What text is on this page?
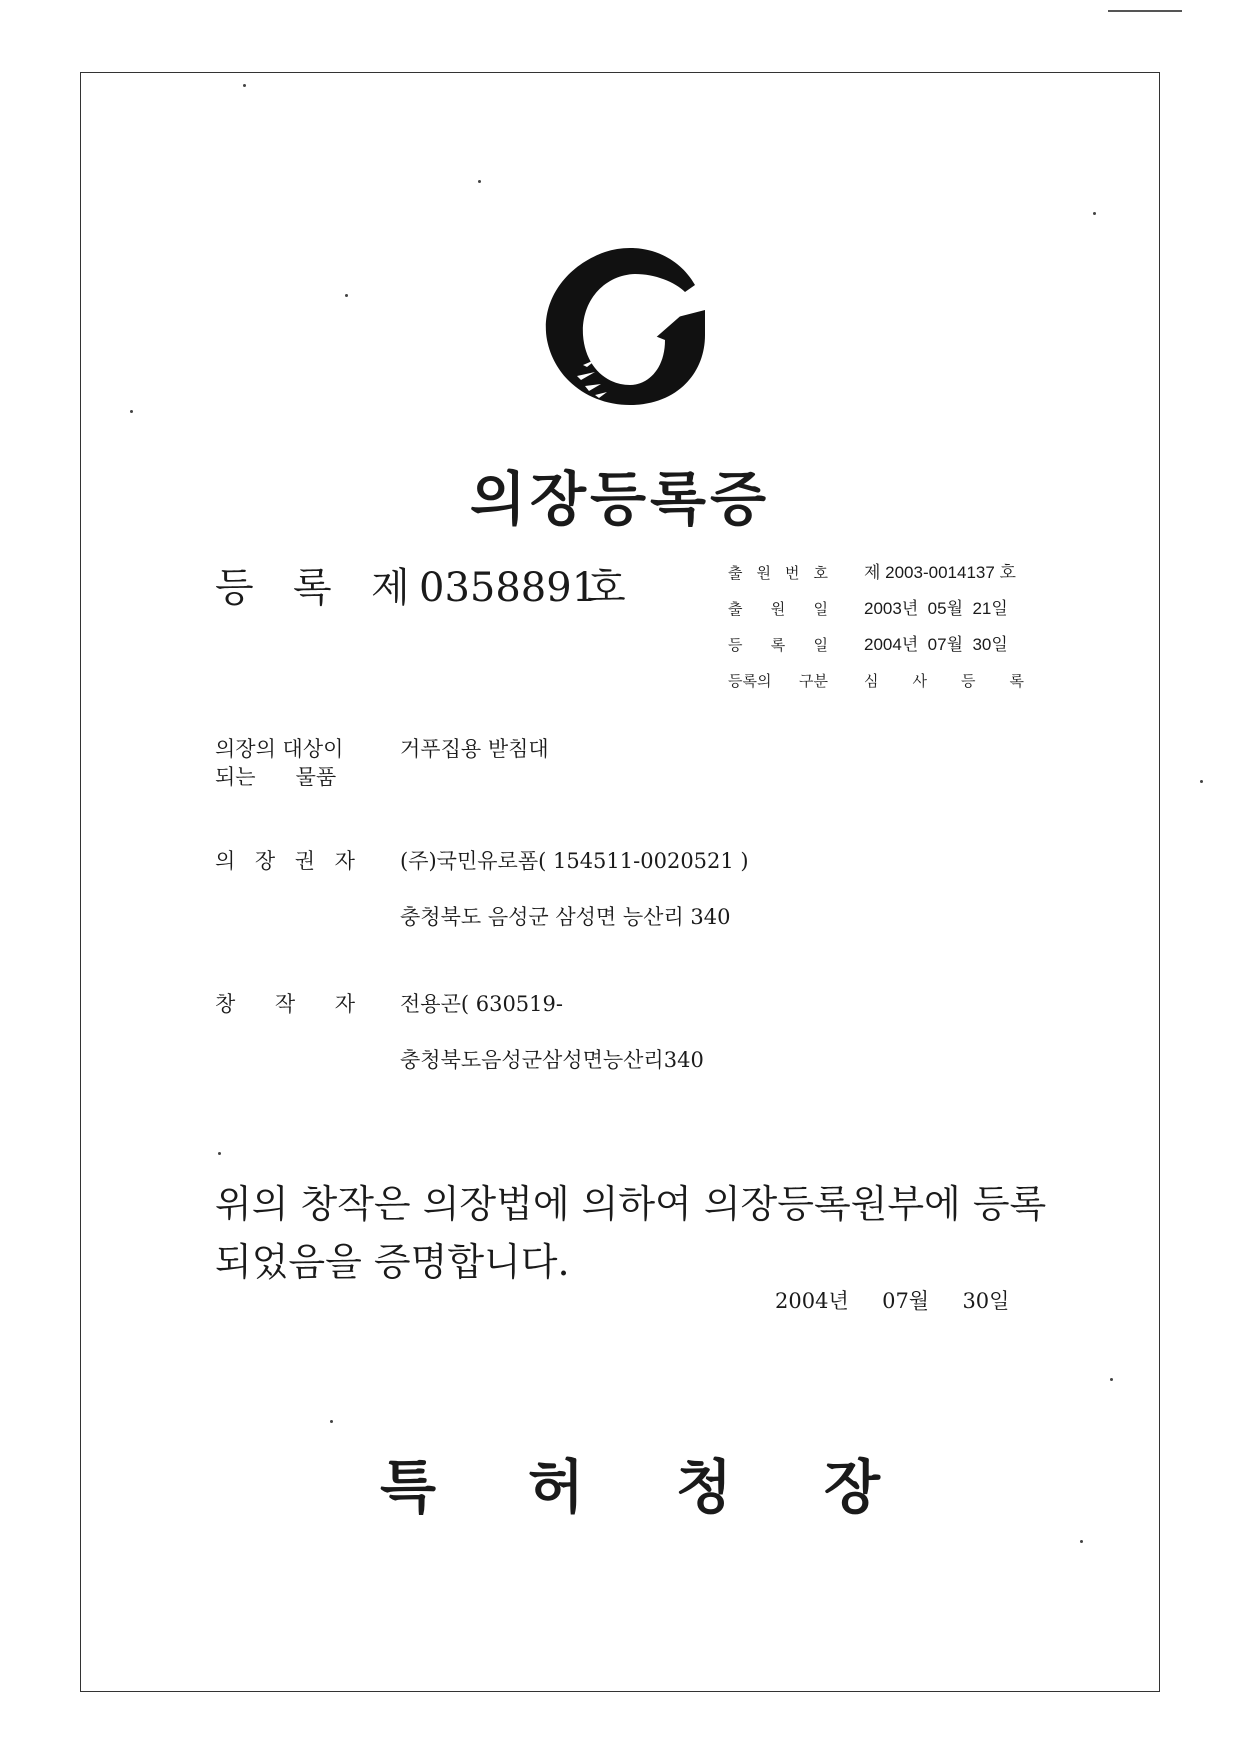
의장등록증
등 록 제 0358891호	출 원 번 호 제 2003-0014137 호
출 원 일 2003년  05월  21일
등 록 일 2004년  07월  30일
등록의 구분 심 사 등 록
의장의 대상이
되는      물품
거푸집용 받침대
의 장 권 자 (주)국민유로폼( 154511-0020521 )
충청북도 음성군 삼성면 능산리 340
창 작 자 전용곤( 630519-
충청북도음성군삼성면능산리340
위의 창작은 의장법에 의하여 의장등록원부에 등록
되었음을 증명합니다.
2004년  07월  30일
특 허 청 장
